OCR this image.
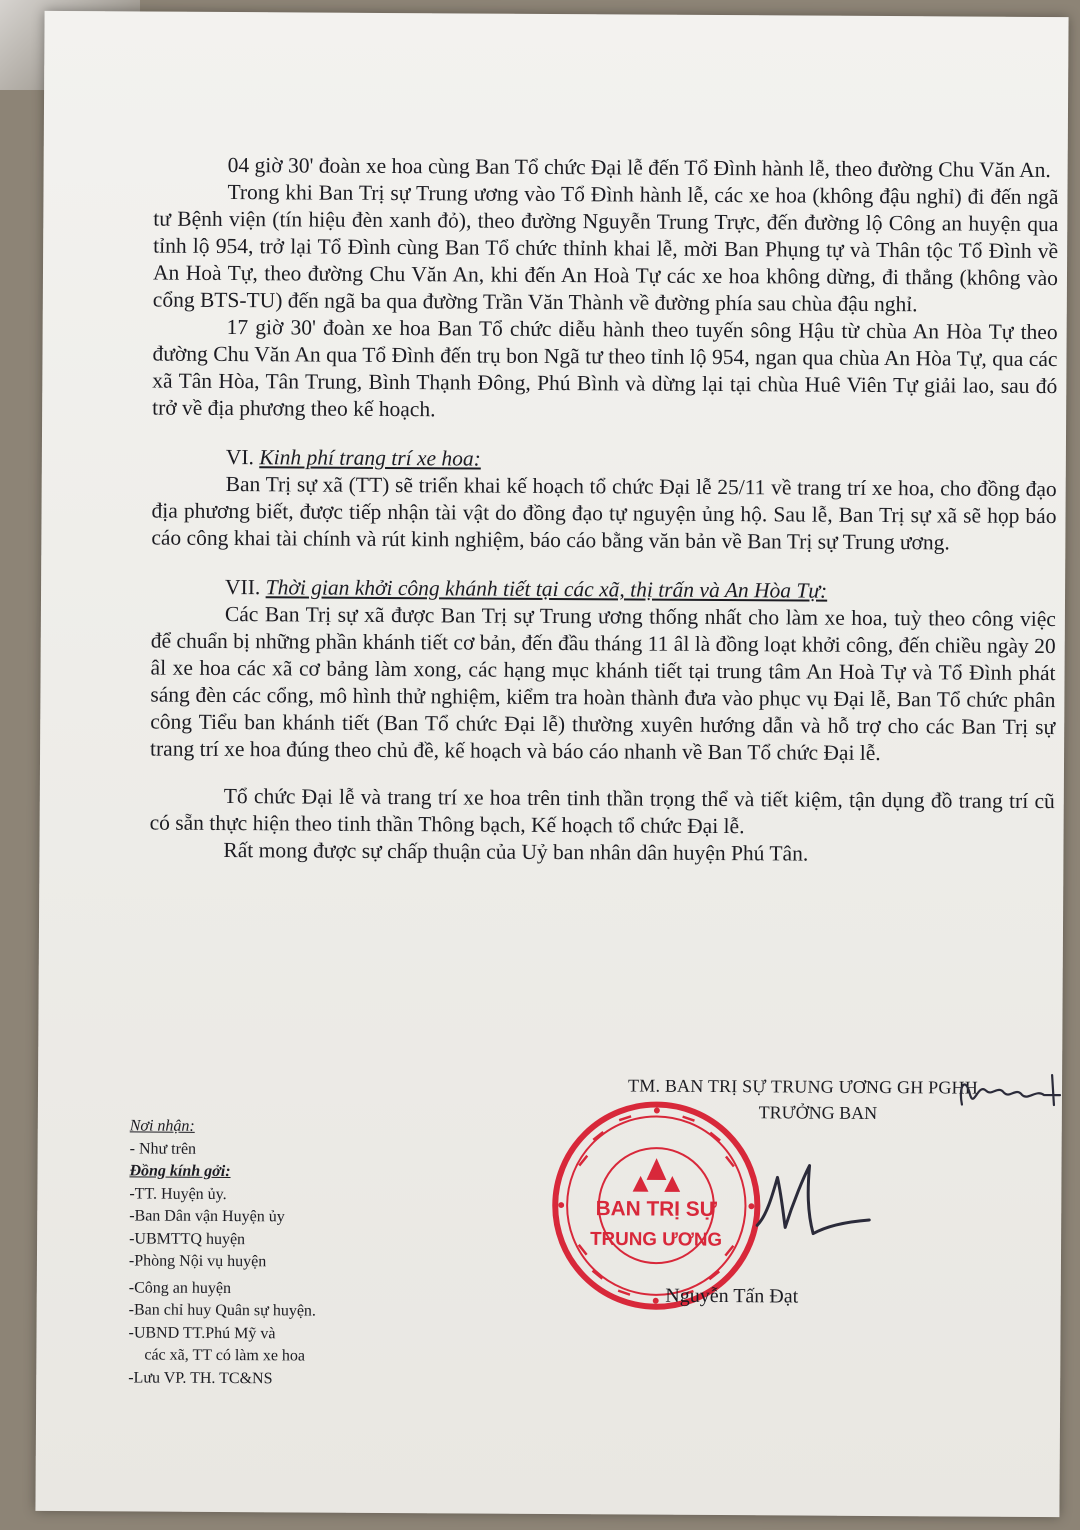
04 giờ 30' đoàn xe hoa cùng Ban Tổ chức Đại lễ đến Tổ Đình hành lễ, theo đường Chu Văn An.

Trong khi Ban Trị sự Trung ương vào Tổ Đình hành lễ, các xe hoa (không đậu nghỉ) đi đến ngã tư Bệnh viện (tín hiệu đèn xanh đỏ), theo đường Nguyễn Trung Trực, đến đường lộ Công an huyện qua tỉnh lộ 954, trở lại Tổ Đình cùng Ban Tổ chức thỉnh khai lễ, mời Ban Phụng tự và Thân tộc Tổ Đình về An Hoà Tự, theo đường Chu Văn An, khi đến An Hoà Tự các xe hoa không dừng, đi thẳng (không vào cổng BTS-TU) đến ngã ba qua đường Trần Văn Thành về đường phía sau chùa đậu nghỉ.

17 giờ 30' đoàn xe hoa Ban Tổ chức diễu hành theo tuyến sông Hậu từ chùa An Hòa Tự theo đường Chu Văn An qua Tổ Đình đến trụ bon Ngã tư theo tỉnh lộ 954, ngan qua chùa An Hòa Tự, qua các xã Tân Hòa, Tân Trung, Bình Thạnh Đông, Phú Bình và dừng lại tại chùa Huê Viên Tự giải lao, sau đó trở về địa phương theo kế hoạch.

VI. Kinh phí trang trí xe hoa:

Ban Trị sự xã (TT) sẽ triển khai kế hoạch tổ chức Đại lễ 25/11 về trang trí xe hoa, cho đồng đạo địa phương biết, được tiếp nhận tài vật do đồng đạo tự nguyện ủng hộ. Sau lễ, Ban Trị sự xã sẽ họp báo cáo công khai tài chính và rút kinh nghiệm, báo cáo bằng văn bản về Ban Trị sự Trung ương.

VII. Thời gian khởi công khánh tiết tại các xã, thị trấn và An Hòa Tự:

Các Ban Trị sự xã được Ban Trị sự Trung ương thống nhất cho làm xe hoa, tuỳ theo công việc để chuẩn bị những phần khánh tiết cơ bản, đến đầu tháng 11 âl là đồng loạt khởi công, đến chiều ngày 20 âl xe hoa các xã cơ bảng làm xong, các hạng mục khánh tiết tại trung tâm An Hoà Tự và Tổ Đình phát sáng đèn các cổng, mô hình thử nghiệm, kiểm tra hoàn thành đưa vào phục vụ Đại lễ, Ban Tổ chức phân công Tiểu ban khánh tiết (Ban Tổ chức Đại lễ) thường xuyên hướng dẫn và hỗ trợ cho các Ban Trị sự trang trí xe hoa đúng theo chủ đề, kế hoạch và báo cáo nhanh về Ban Tổ chức Đại lễ.

Tổ chức Đại lễ và trang trí xe hoa trên tinh thần trọng thể và tiết kiệm, tận dụng đồ trang trí cũ có sẵn thực hiện theo tinh thần Thông bạch, Kế hoạch tổ chức Đại lễ.

Rất mong được sự chấp thuận của Uỷ ban nhân dân huyện Phú Tân.

TM. BAN TRỊ SỰ TRUNG ƯƠNG GH PGHH
TRƯỞNG BAN
BAN TRỊ SỰ
TRUNG ƯƠNG
Nguyễn Tấn Đạt
Nơi nhận:
- Như trên
Đồng kính gởi:
-TT. Huyện ủy.
-Ban Dân vận Huyện ủy
-UBMTTQ huyện
-Phòng Nội vụ huyện
-Công an huyện
-Ban chỉ huy Quân sự huyện.
-UBND TT.Phú Mỹ và
các xã, TT có làm xe hoa
-Lưu VP. TH. TC&NS
